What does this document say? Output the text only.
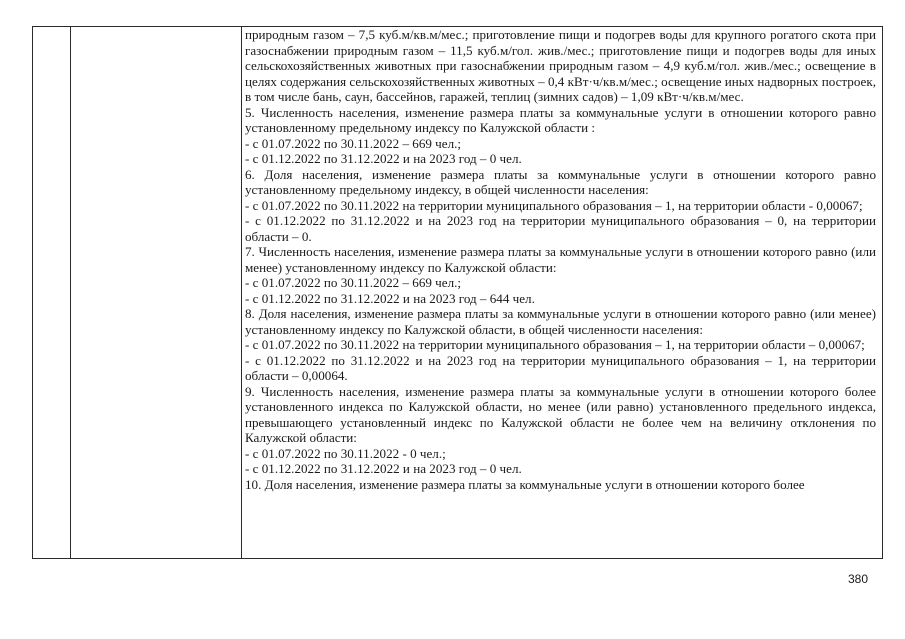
природным газом – 7,5 куб.м/кв.м/мес.; приготовление пищи и подогрев воды для крупного рогатого скота при газоснабжении природным газом – 11,5 куб.м/гол. жив./мес.; приготовление пищи и подогрев воды для иных сельскохозяйственных животных при газоснабжении природным газом – 4,9 куб.м/гол. жив./мес.; освещение в целях содержания сельскохозяйственных животных – 0,4 кВт·ч/кв.м/мес.; освещение иных надворных построек, в том числе бань, саун, бассейнов, гаражей, теплиц (зимних садов) – 1,09 кВт·ч/кв.м/мес.

5. Численность населения, изменение размера платы за коммунальные услуги в отношении которого равно установленному предельному индексу по Калужской области :

- с 01.07.2022 по 30.11.2022 – 669 чел.;

- с 01.12.2022 по 31.12.2022 и на 2023 год – 0 чел.

6. Доля населения, изменение размера платы за коммунальные услуги в отношении которого равно установленному предельному индексу, в общей численности населения:

- с 01.07.2022 по 30.11.2022 на территории муниципального образования – 1, на территории области - 0,00067;

- с 01.12.2022 по 31.12.2022 и на 2023 год на территории муниципального образования – 0, на территории области – 0.

7. Численность населения, изменение размера платы за коммунальные услуги в отношении которого равно (или менее) установленному индексу по Калужской области:

- с 01.07.2022 по 30.11.2022 – 669 чел.;

- с 01.12.2022 по 31.12.2022 и на 2023 год – 644 чел.

8. Доля населения, изменение размера платы за коммунальные услуги в отношении которого равно (или менее) установленному индексу по Калужской области, в общей численности населения:

- с 01.07.2022 по 30.11.2022 на территории муниципального образования – 1, на территории области – 0,00067;

- с 01.12.2022 по 31.12.2022 и на 2023 год на территории муниципального образования – 1, на территории области – 0,00064.

9. Численность населения, изменение размера платы за коммунальные услуги в отношении которого более установленного индекса по Калужской области, но менее (или равно) установленного предельного индекса, превышающего установленный индекс по Калужской области не более чем на величину отклонения по Калужской области:

- с 01.07.2022 по 30.11.2022 - 0 чел.;

- с 01.12.2022 по 31.12.2022 и на 2023 год – 0 чел.

10. Доля населения, изменение размера платы за коммунальные услуги в отношении которого более

380
